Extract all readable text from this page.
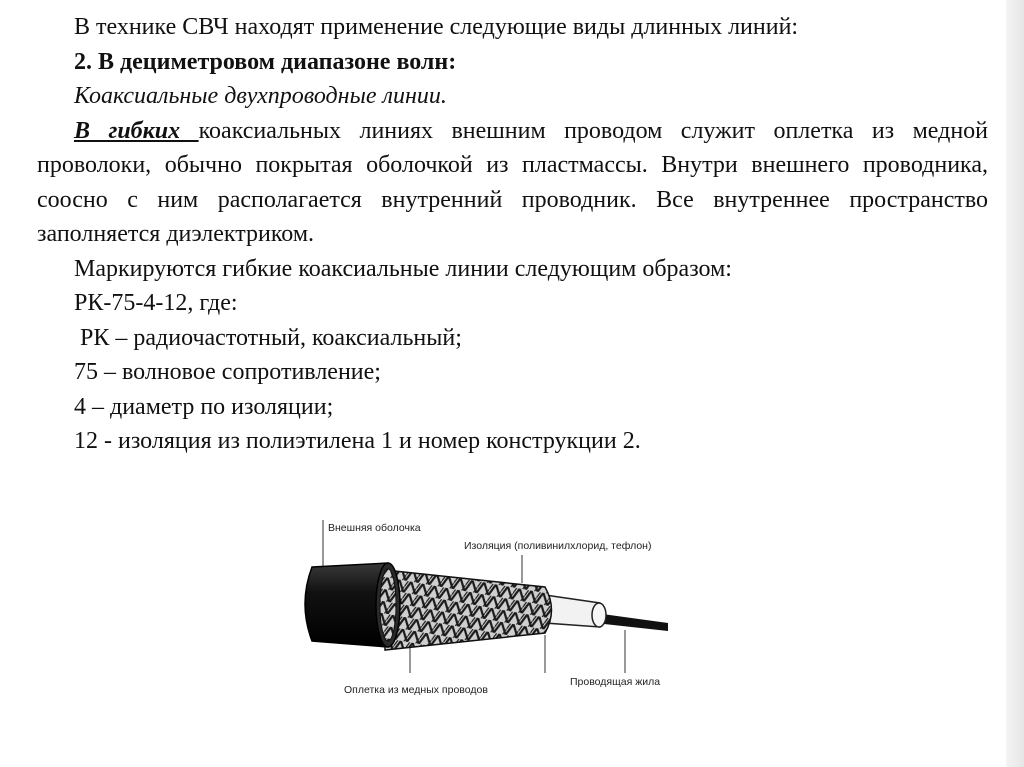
В технике СВЧ находят применение следующие виды длинных линий:

2. В дециметровом диапазоне волн:

Коаксиальные двухпроводные линии.

В гибких коаксиальных линиях внешним проводом служит оплетка из медной проволоки, обычно покрытая оболочкой из пластмассы. Внутри внешнего проводника, соосно с ним располагается внутренний проводник. Все внутреннее пространство заполняется диэлектриком.

Маркируются гибкие коаксиальные линии следующим образом:

РК-75-4-12, где:

РК – радиочастотный, коаксиальный;

75 – волновое сопротивление;

4 – диаметр по изоляции;

12 - изоляция из полиэтилена 1 и номер конструкции 2.

Внешняя оболочка
Изоляция (поливинилхлорид, тефлон)
Оплетка из медных проводов
Проводящая жила
